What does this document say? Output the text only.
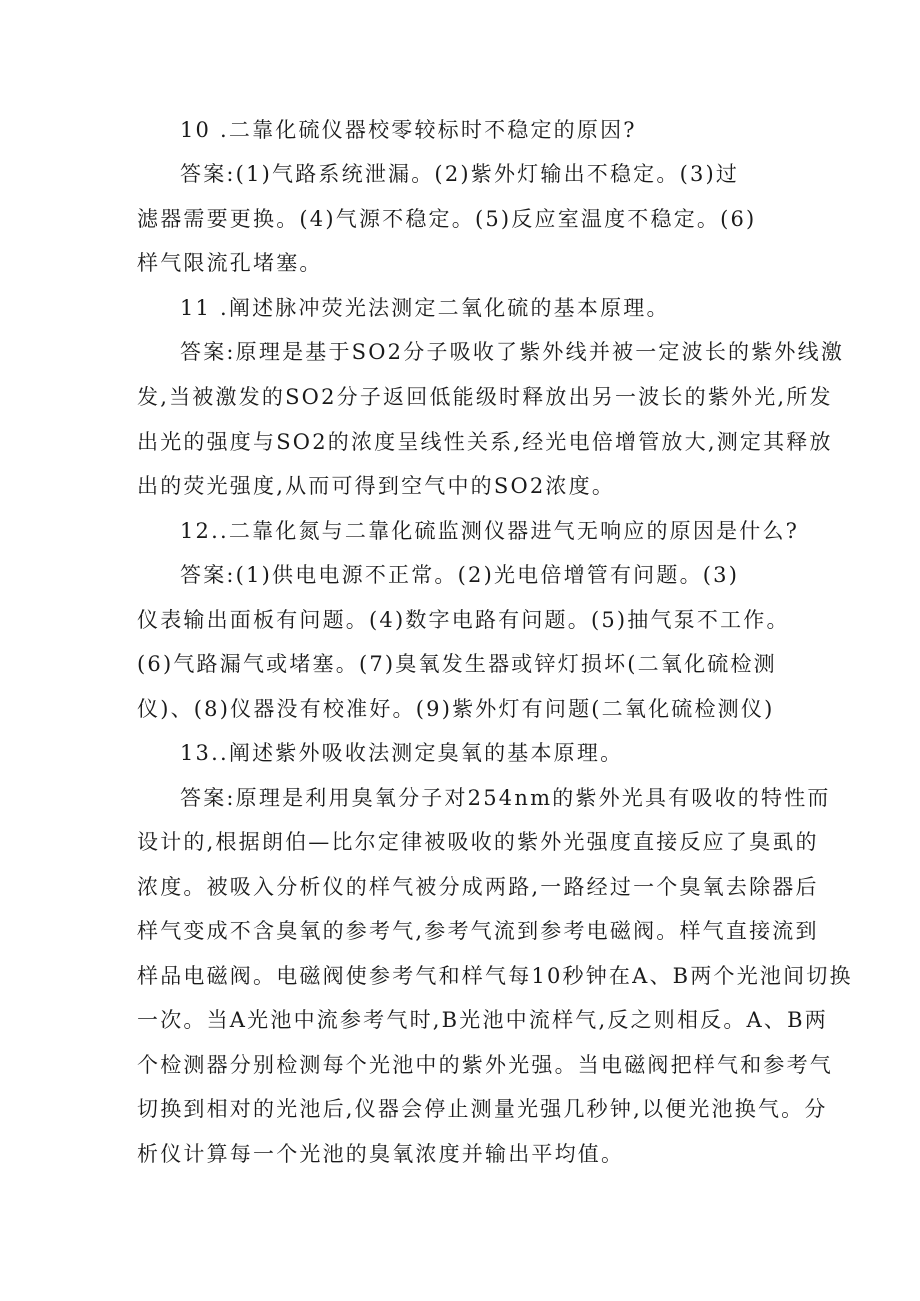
10 .二靠化硫仪器校零较标时不稳定的原因?
答案:(1)气路系统泄漏。(2)紫外灯输出不稳定。(3)过
滤器需要更换。(4)气源不稳定。(5)反应室温度不稳定。(6)
样气限流孔堵塞。
11 .阐述脉冲荧光法测定二氧化硫的基本原理。
答案:原理是基于SO2分子吸收了紫外线并被一定波长的紫外线激
发,当被激发的SO2分子返回低能级时释放出另一波长的紫外光,所发
出光的强度与SO2的浓度呈线性关系,经光电倍增管放大,测定其释放
出的荧光强度,从而可得到空气中的SO2浓度。
12..二靠化氮与二靠化硫监测仪器进气无响应的原因是什么?
答案:(1)供电电源不正常。(2)光电倍增管有问题。(3)
仪表输出面板有问题。(4)数字电路有问题。(5)抽气泵不工作。
(6)气路漏气或堵塞。(7)臭氧发生器或锌灯损坏(二氧化硫检测
仪)、(8)仪器没有校准好。(9)紫外灯有问题(二氧化硫检测仪)
13..阐述紫外吸收法测定臭氧的基本原理。
答案:原理是利用臭氧分子对254nm的紫外光具有吸收的特性而
设计的,根据朗伯—比尔定律被吸收的紫外光强度直接反应了臭虱的
浓度。被吸入分析仪的样气被分成两路,一路经过一个臭氧去除器后
样气变成不含臭氧的参考气,参考气流到参考电磁阀。样气直接流到
样品电磁阀。电磁阀使参考气和样气每10秒钟在A、B两个光池间切换
一次。当A光池中流参考气时,B光池中流样气,反之则相反。A、B两
个检测器分别检测每个光池中的紫外光强。当电磁阀把样气和参考气
切换到相对的光池后,仪器会停止测量光强几秒钟,以便光池换气。分
析仪计算每一个光池的臭氧浓度并输出平均值。
